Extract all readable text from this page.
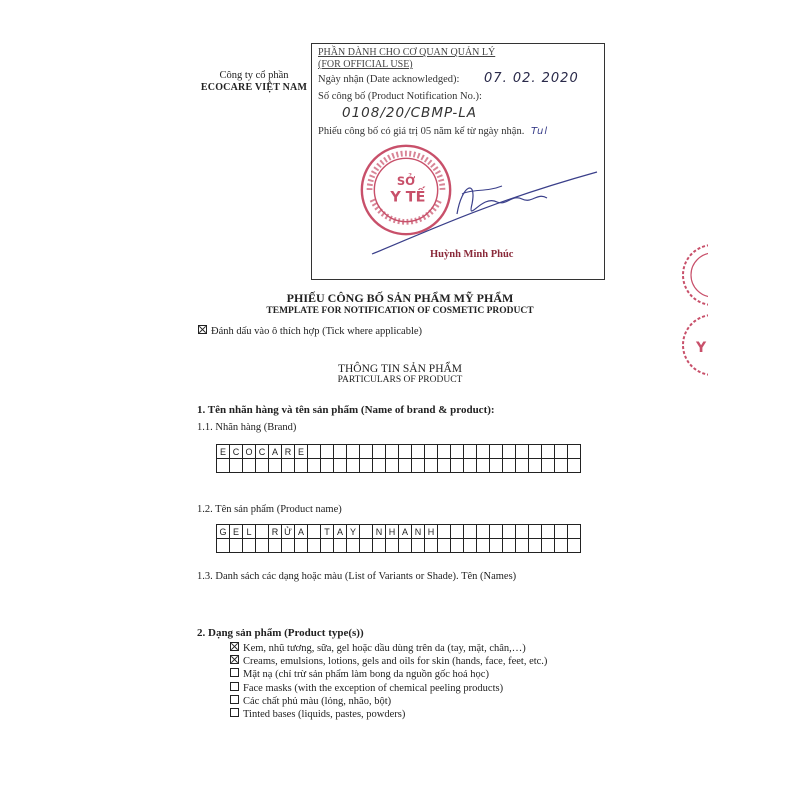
Công ty cổ phần
ECOCARE VIỆT NAM
PHẦN DÀNH CHO CƠ QUAN QUẢN LÝ
(FOR OFFICIAL USE)
Ngày nhận (Date acknowledged): 07. 02. 2020
Số công bố (Product Notification No.):
0108/20/CBMP-LA
Phiếu công bố có giá trị 05 năm kể từ ngày nhận. Tul
SỞ
Y TẾ
Huỳnh Minh Phúc
Y
PHIẾU CÔNG BỐ SẢN PHẨM MỸ PHẨM
TEMPLATE FOR NOTIFICATION OF COSMETIC PRODUCT
Đánh dấu vào ô thích hợp (Tick where applicable)
THÔNG TIN SẢN PHẨM
PARTICULARS OF PRODUCT
1. Tên nhãn hàng và tên sản phẩm (Name of brand & product):
1.1. Nhãn hàng (Brand)
E C O C A R E
1.2. Tên sản phẩm (Product name)
G E L	R Ử A	T A Y	N H A N H
1.3. Danh sách các dạng hoặc màu (List of Variants or Shade). Tên (Names)
2. Dạng sản phẩm (Product type(s))
Kem, nhũ tương, sữa, gel hoặc dầu dùng trên da (tay, mặt, chân,…)
Creams, emulsions, lotions, gels and oils for skin (hands, face, feet, etc.)
Mặt nạ (chỉ trừ sản phẩm làm bong da nguồn gốc hoá học)
Face masks (with the exception of chemical peeling products)
Các chất phủ màu (lỏng, nhão, bột)
Tinted bases (liquids, pastes, powders)
